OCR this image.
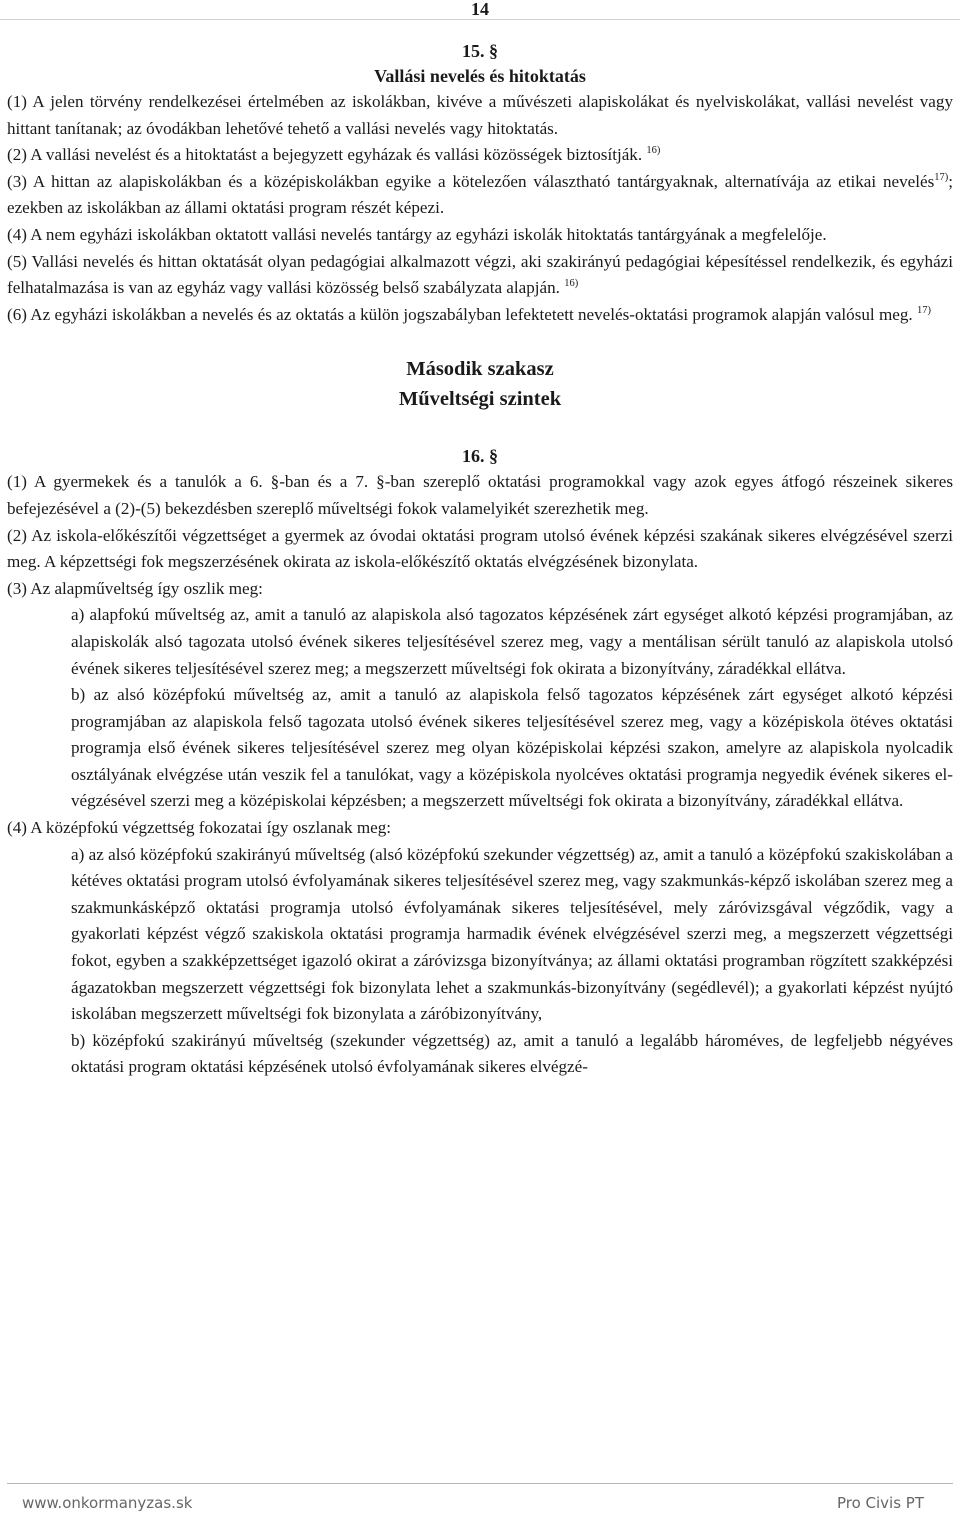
14
15. §
Vallási nevelés és hitoktatás
(1) A jelen törvény rendelkezései értelmében az iskolákban, kivéve a művészeti alapiskolákat és nyelviskolákat, vallási nevelést vagy hittant tanítanak; az óvodákban lehetővé tehető a vallási nevelés vagy hitoktatás.
(2) A vallási nevelést és a hitoktatást a bejegyzett egyházak és vallási közösségek biztosítják. $^{16)}$
(3) A hittan az alapiskolákban és a középiskolákban egyike a kötelezően választható tantárgyaknak, alternatívája az etikai nevelés$^{17)}$; ezekben az iskolákban az állami oktatási program részét képezi.
(4) A nem egyházi iskolákban oktatott vallási nevelés tantárgy az egyházi iskolák hitoktatás tantárgyának a megfelelője.
(5) Vallási nevelés és hittan oktatását olyan pedagógiai alkalmazott végzi, aki szakirányú pedagógiai képesítéssel rendelkezik, és egyházi felhatalmazása is van az egyház vagy vallási közösség belső szabályzata alapján. $^{16)}$
(6) Az egyházi iskolákban a nevelés és az oktatás a külön jogszabályban lefektetett nevelés-oktatási programok alapján valósul meg. $^{17)}$
Második szakasz
Műveltségi szintek
16. §
(1) A gyermekek és a tanulók a 6. §-ban és a 7. §-ban szereplő oktatási programokkal vagy azok egyes átfogó részeinek sikeres befejezésével a (2)-(5) bekezdésben szereplő műveltségi fokok valamelyikét szerezhetik meg.
(2) Az iskola-előkészítői végzettséget a gyermek az óvodai oktatási program utolsó évének képzési szakának sikeres elvégzésével szerzi meg. A képzettségi fok megszerzésének okirata az iskola-előkészítő oktatás elvégzésének bizonylata.
(3) Az alapműveltség így oszlik meg:
a) alapfokú műveltség az, amit a tanuló az alapiskola alsó tagozatos képzésének zárt egységet alkotó képzési programjában, az alapiskolák alsó tagozata utolsó évének sikeres teljesítésével szerez meg, vagy a mentálisan sérült tanuló az alapiskola utolsó évének sikeres teljesítésével szerez meg; a megszerzett műveltségi fok okirata a bizonyítvány, záradékkal ellátva.
b) az alsó középfokú műveltség az, amit a tanuló az alapiskola felső tagozatos képzésének zárt egységet alkotó képzési programjában az alapiskola felső tagozata utolsó évének sikeres teljesítésével szerez meg, vagy a középiskola ötéves oktatási programja első évének sikeres teljesítésével szerez meg olyan középiskolai képzési szakon, amelyre az alapiskola nyolcadik osztályának elvégzése után veszik fel a tanulókat, vagy a középiskola nyolcéves oktatási programja negyedik évének sikeres elvégzésével szerzi meg a középiskolai képzésben; a megszerzett műveltségi fok okirata a bizonyítvány, záradékkal ellátva.
(4) A középfokú végzettség fokozatai így oszlanak meg:
a) az alsó középfokú szakirányú műveltség (alsó középfokú szekunder végzettség) az, amit a tanuló a középfokú szakiskolában a kétéves oktatási program utolsó évfolyamának sikeres teljesítésével szerez meg, vagy szakmunkás-képző iskolában szerez meg a szakmunkásképző oktatási programja utolsó évfolyamának sikeres teljesítésével, mely záróvizsgával végződik, vagy a gyakorlati képzést végző szakiskola oktatási programja harmadik évének elvégzésével szerzi meg, a megszerzett végzettségi fokot, egyben a szakképzettséget igazoló okirat a záróvizsga bizonyítványa; az állami oktatási programban rögzített szakképzési ágazatokban megszerzett végzettségi fok bizonylata lehet a szakmunkás-bizonyítvány (segédlevél); a gyakorlati képzést nyújtó iskolában megszerzett műveltségi fok bizonylata a záróbizonyítvány,
b) középfokú szakirányú műveltség (szekunder végzettség) az, amit a tanuló a legalább hároméves, de legfeljebb négyéves oktatási program oktatási képzésének utolsó évfolyamának sikeres elvégzé-
www.onkormanyzas.sk	Pro Civis PT
